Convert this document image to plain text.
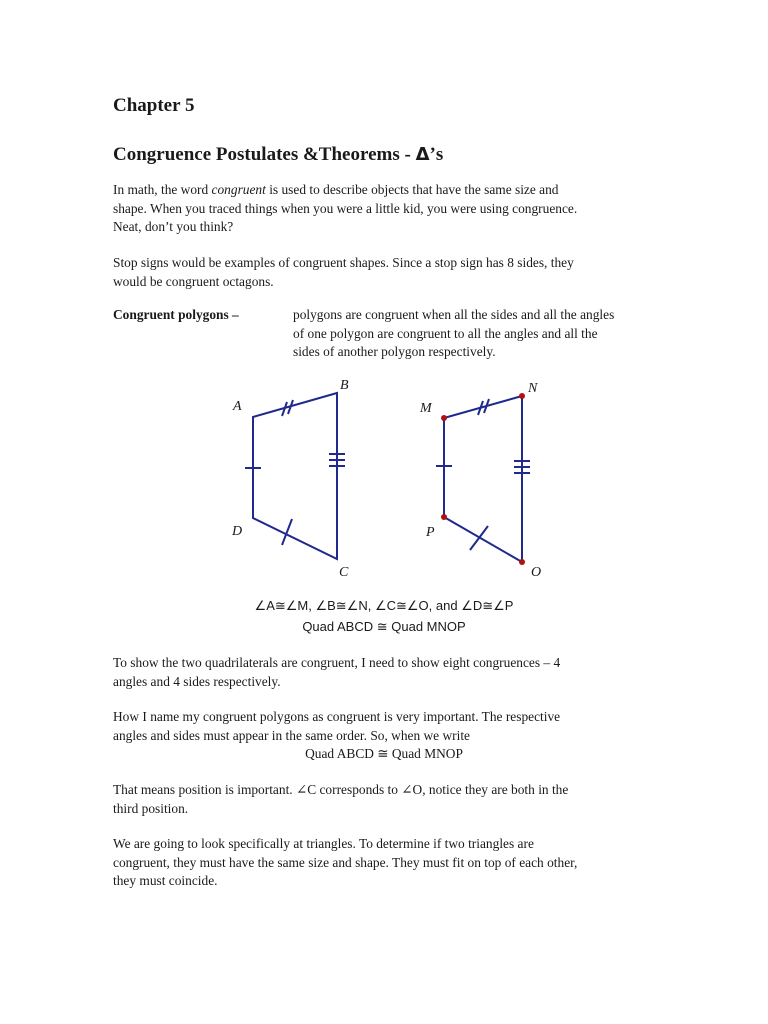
Chapter 5
Congruence Postulates &Theorems - Δ’s

In math, the word congruent is used to describe objects that have the same size and
shape. When you traced things when you were a little kid, you were using congruence.
Neat, don’t you think?

Stop signs would be examples of congruent shapes. Since a stop sign has 8 sides, they
would be congruent octagons.

Congruent polygons –	polygons are congruent when all the sides and all the angles
of one polygon are congruent to all the angles and all the
sides of another polygon respectively.

A
B
C
D
M
N
O
P

∠A≅∠M, ∠B≅∠N, ∠C≅∠O, and ∠D≅∠P

Quad ABCD ≅ Quad MNOP

To show the two quadrilaterals are congruent, I need to show eight congruences – 4
angles and 4 sides respectively.

How I name my congruent polygons as congruent is very important. The respective
angles and sides must appear in the same order. So, when we write

Quad ABCD ≅ Quad MNOP

That means position is important. ∠C corresponds to ∠O, notice they are both in the
third position.

We are going to look specifically at triangles. To determine if two triangles are
congruent, they must have the same size and shape. They must fit on top of each other,
they must coincide.
